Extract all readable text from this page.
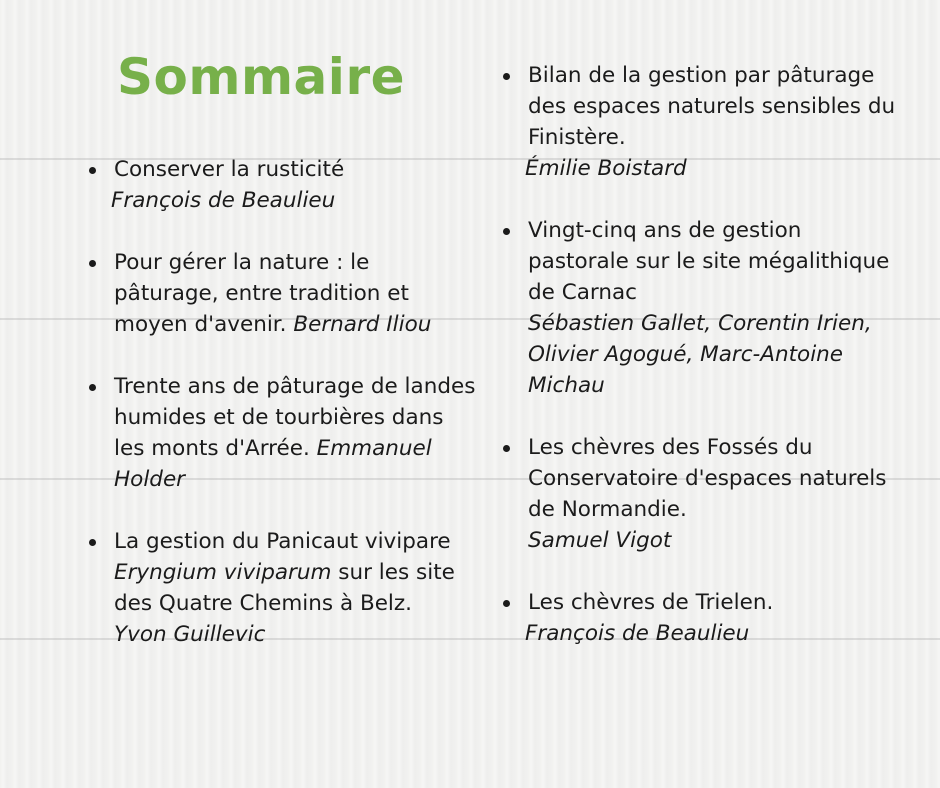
Sommaire
Conserver la rusticité
François de Beaulieu
Pour gérer la nature : le pâturage, entre tradition et moyen d'avenir. Bernard Iliou
Trente ans de pâturage de landes humides et de tourbières dans les monts d'Arrée. Emmanuel Holder
La gestion du Panicaut vivipare Eryngium viviparum sur les site des Quatre Chemins à Belz.
Yvon Guillevic
Bilan de la gestion par pâturage des espaces naturels sensibles du Finistère.
Émilie Boistard
Vingt-cinq ans de gestion pastorale sur le site mégalithique de Carnac
Sébastien Gallet, Corentin Irien, Olivier Agogué, Marc-Antoine Michau
Les chèvres des Fossés du Conservatoire d'espaces naturels de Normandie.
Samuel Vigot
Les chèvres de Trielen.
François de Beaulieu
